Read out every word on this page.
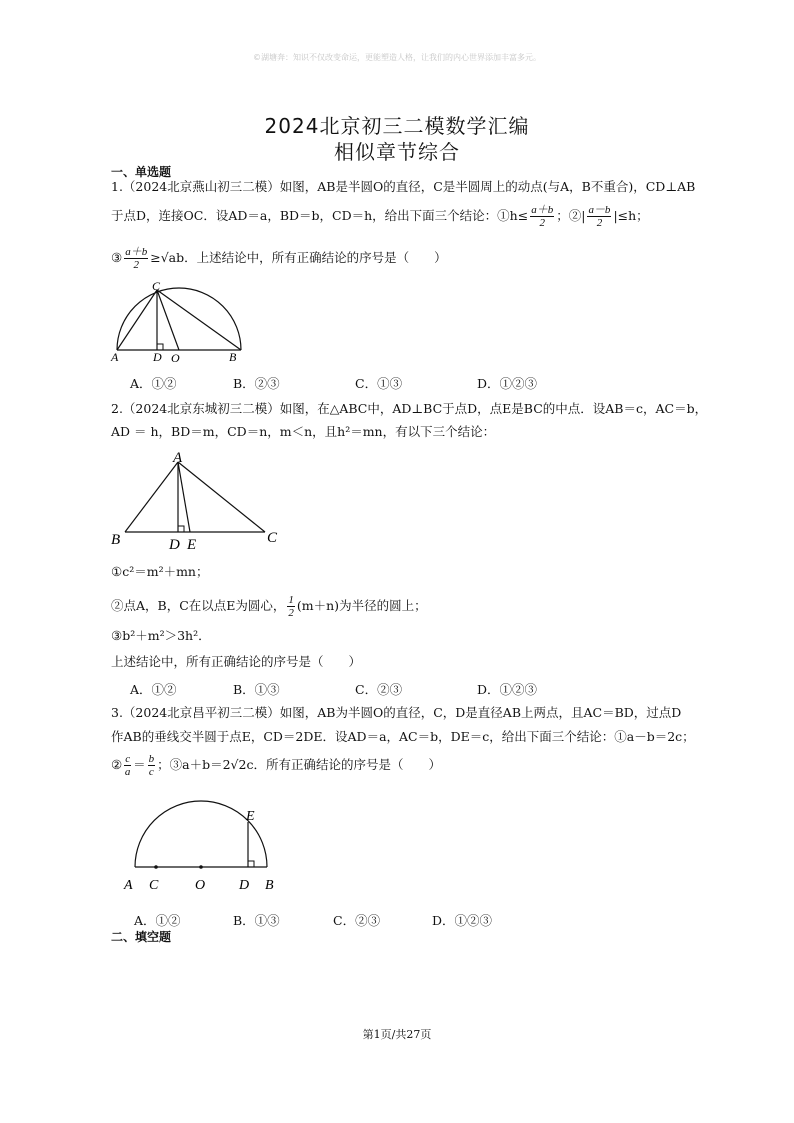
©湖塘奔：知识不仅改变命运，更能塑造人格，让我们的内心世界添加丰富多元。
2024北京初三二模数学汇编
相似章节综合
一、单选题
1.（2024北京燕山初三二模）如图，AB是半圆O的直径，C是半圆周上的动点(与A，B不重合)，CD⊥AB
于点D，连接OC．设AD＝a，BD＝b，CD＝h，给出下面三个结论：①h≤ $\frac{a+b}{2}$ ；②| $\frac{a-b}{2} |\le h$；
③ $\frac{a+b}{2} \ge√ab$．上述结论中，所有正确结论的序号是（　　）
C
A	D O	B
A．①②	B．②③	C．①③	D．①②③
2.（2024北京东城初三二模）如图，在△ABC中，AD⊥BC于点D，点E是BC的中点．设AB＝c，AC＝b，
AD ＝ h，BD＝m，CD＝n，m＜n，且h²＝mn，有以下三个结论：
A
B	D E	C
①c²＝m²＋mn；
②点A，B，C在以点E为圆心， $\frac{1}{2} (m+n)$为半径的圆上；
③b²＋m²＞3h²．
上述结论中，所有正确结论的序号是（　　）
A．①②	B．①③	C．②③	D．①②③
3.（2024北京昌平初三二模）如图，AB为半圆O的直径，C，D是直径AB上两点，且AC＝BD，过点D
作AB的垂线交半圆于点E，CD＝2DE．设AD＝a，AC＝b，DE＝c，给出下面三个结论：①a－b＝2c；
② $\frac{c}{a} = \frac{b}{c}$ ；③a＋b＝2√2c．所有正确结论的序号是（　　）
E
A C	O D B
A．①②	B．①③	C．②③	D．①②③
二、填空题
第1页/共27页
